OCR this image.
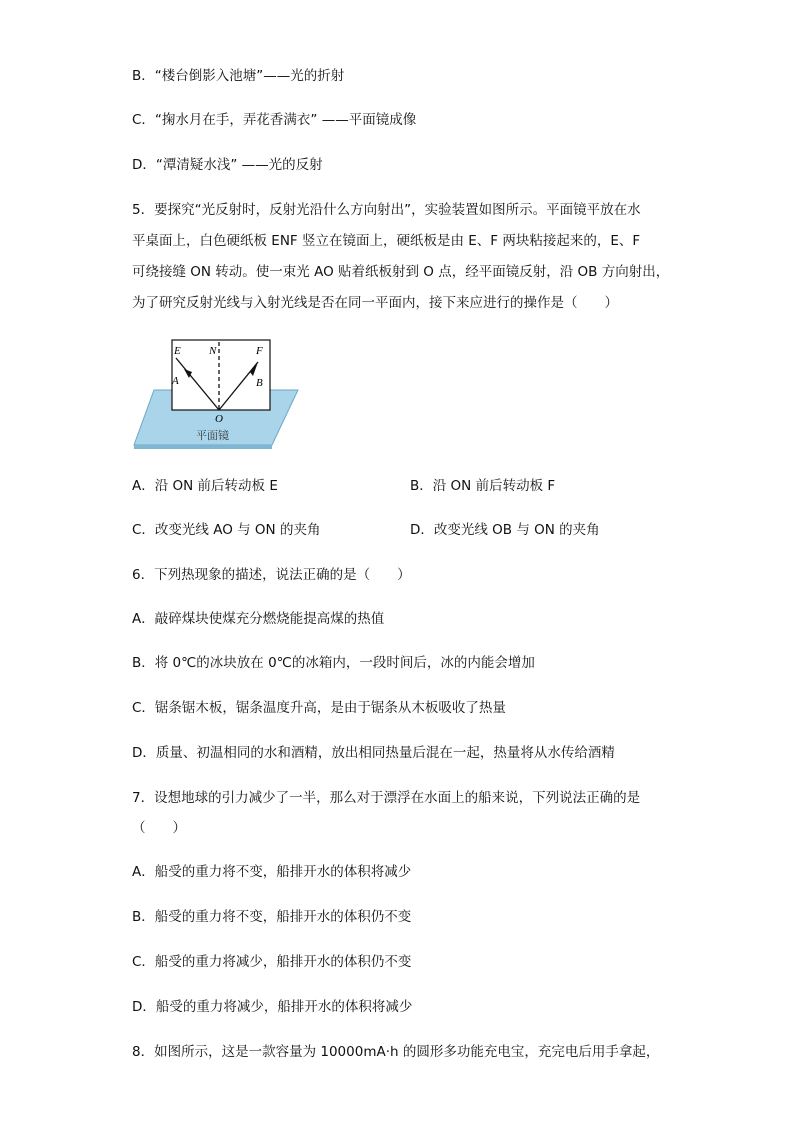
B．“楼台倒影入池塘”——光的折射
C．“掬水月在手，弄花香满衣” ——平面镜成像
D．“潭清疑水浅” ——光的反射
5．要探究“光反射时，反射光沿什么方向射出”，实验装置如图所示。平面镜平放在水
平桌面上，白色硬纸板 ENF 竖立在镜面上，硬纸板是由 E、F 两块粘接起来的，E、F
可绕接缝 ON 转动。使一束光 AO 贴着纸板射到 O 点，经平面镜反射，沿 OB 方向射出，
为了研究反射光线与入射光线是否在同一平面内，接下来应进行的操作是（　　）
E	N	F
A	B
O
平面镜
A．沿 ON 前后转动板 E	B．沿 ON 前后转动板 F
C．改变光线 AO 与 ON 的夹角	D．改变光线 OB 与 ON 的夹角
6．下列热现象的描述，说法正确的是（　　）
A．敲碎煤块使煤充分燃烧能提高煤的热值
B．将 0℃的冰块放在 0℃的冰箱内，一段时间后，冰的内能会增加
C．锯条锯木板，锯条温度升高，是由于锯条从木板吸收了热量
D．质量、初温相同的水和酒精，放出相同热量后混在一起，热量将从水传给酒精
7．设想地球的引力减少了一半，那么对于漂浮在水面上的船来说，下列说法正确的是
（　　）
A．船受的重力将不变，船排开水的体积将减少
B．船受的重力将不变，船排开水的体积仍不变
C．船受的重力将减少，船排开水的体积仍不变
D．船受的重力将减少，船排开水的体积将减少
8．如图所示，这是一款容量为 10000mA·h 的圆形多功能充电宝，充完电后用手拿起，
